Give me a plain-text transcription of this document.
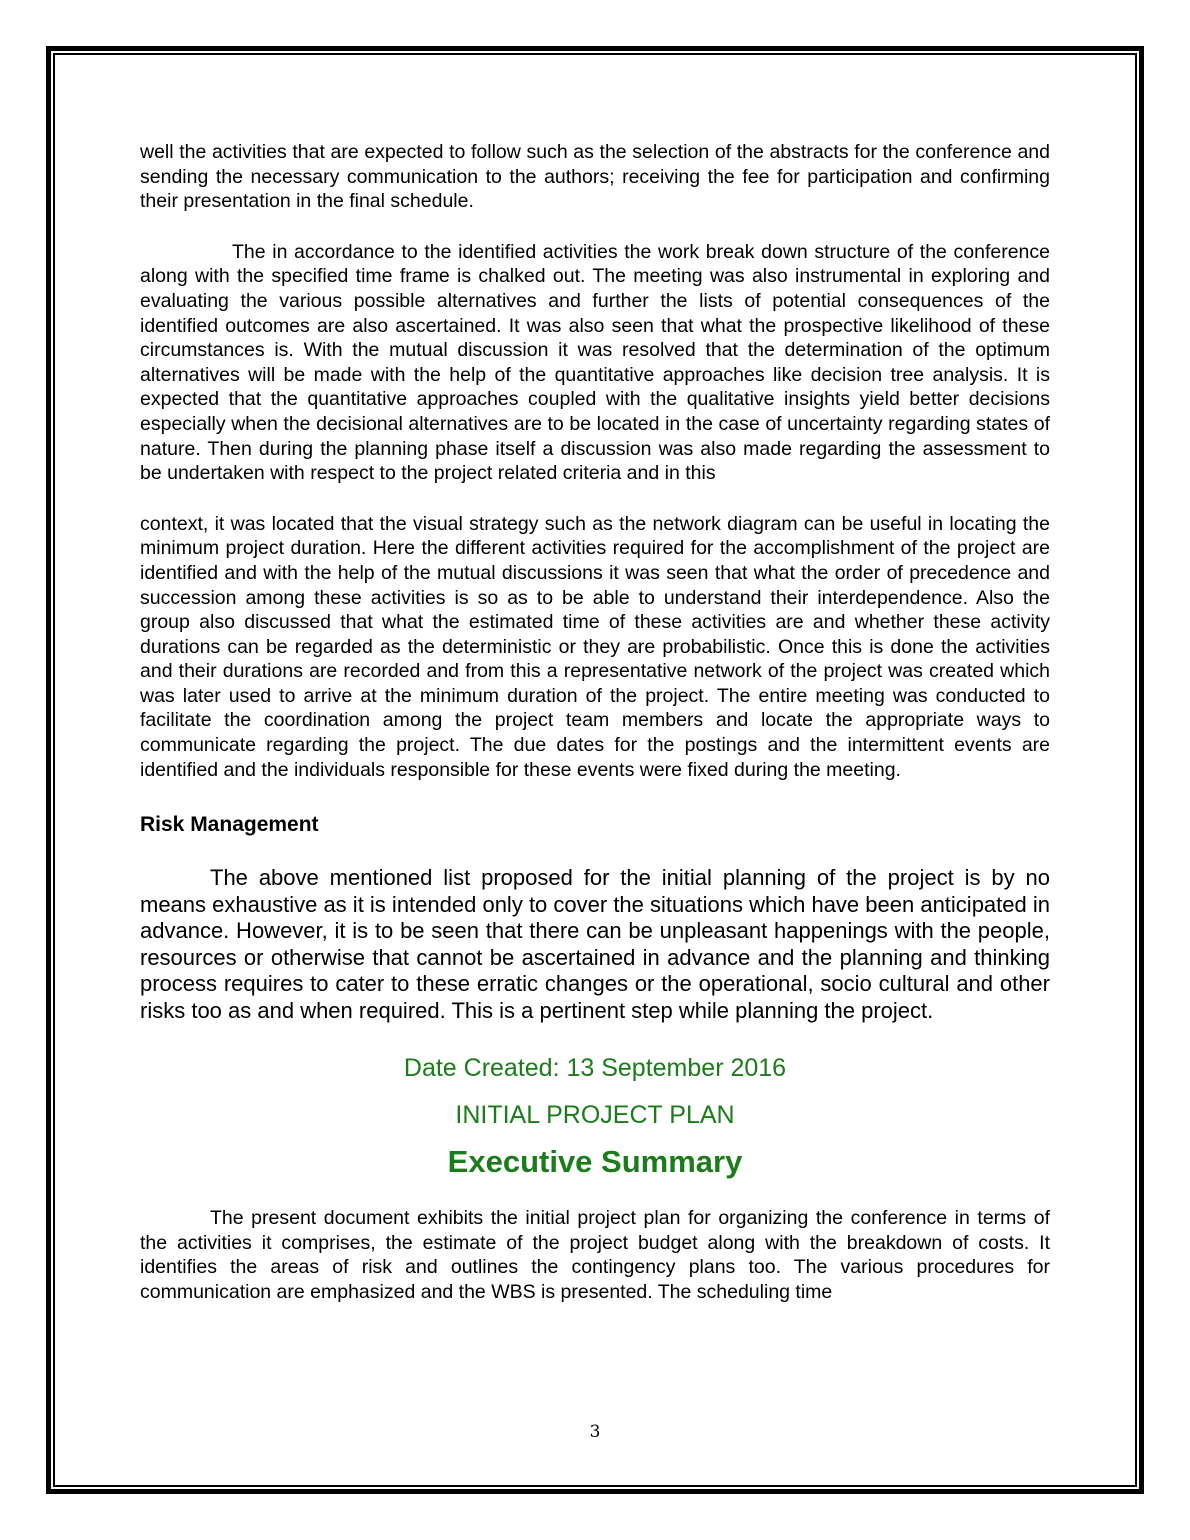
well the activities that are expected to follow such as the selection of the abstracts for the conference and sending the necessary communication to the authors; receiving the fee for participation and confirming their presentation in the final schedule.

The in accordance to the identified activities the work break down structure of the conference along with the specified time frame is chalked out. The meeting was also instrumental in exploring and evaluating the various possible alternatives and further the lists of potential consequences of the identified outcomes are also ascertained. It was also seen that what the prospective likelihood of these circumstances is. With the mutual discussion it was resolved that the determination of the optimum alternatives will be made with the help of the quantitative approaches like decision tree analysis. It is expected that the quantitative approaches coupled with the qualitative insights yield better decisions especially when the decisional alternatives are to be located in the case of uncertainty regarding states of nature. Then during the planning phase itself a discussion was also made regarding the assessment to be undertaken with respect to the project related criteria and in this

context, it was located that the visual strategy such as the network diagram can be useful in locating the minimum project duration. Here the different activities required for the accomplishment of the project are identified and with the help of the mutual discussions it was seen that what the order of precedence and succession among these activities is so as to be able to understand their interdependence. Also the group also discussed that what the estimated time of these activities are and whether these activity durations can be regarded as the deterministic or they are probabilistic. Once this is done the activities and their durations are recorded and from this a representative network of the project was created which was later used to arrive at the minimum duration of the project. The entire meeting was conducted to facilitate the coordination among the project team members and locate the appropriate ways to communicate regarding the project. The due dates for the postings and the intermittent events are identified and the individuals responsible for these events were fixed during the meeting.

Risk Management

The above mentioned list proposed for the initial planning of the project is by no means exhaustive as it is intended only to cover the situations which have been anticipated in advance. However, it is to be seen that there can be unpleasant happenings with the people, resources or otherwise that cannot be ascertained in advance and the planning and thinking process requires to cater to these erratic changes or the operational, socio cultural and other risks too as and when required. This is a pertinent step while planning the project.

Date Created: 13 September 2016

INITIAL PROJECT PLAN

Executive Summary

The present document exhibits the initial project plan for organizing the conference in terms of the activities it comprises, the estimate of the project budget along with the breakdown of costs. It identifies the areas of risk and outlines the contingency plans too. The various procedures for communication are emphasized and the WBS is presented. The scheduling time

3
